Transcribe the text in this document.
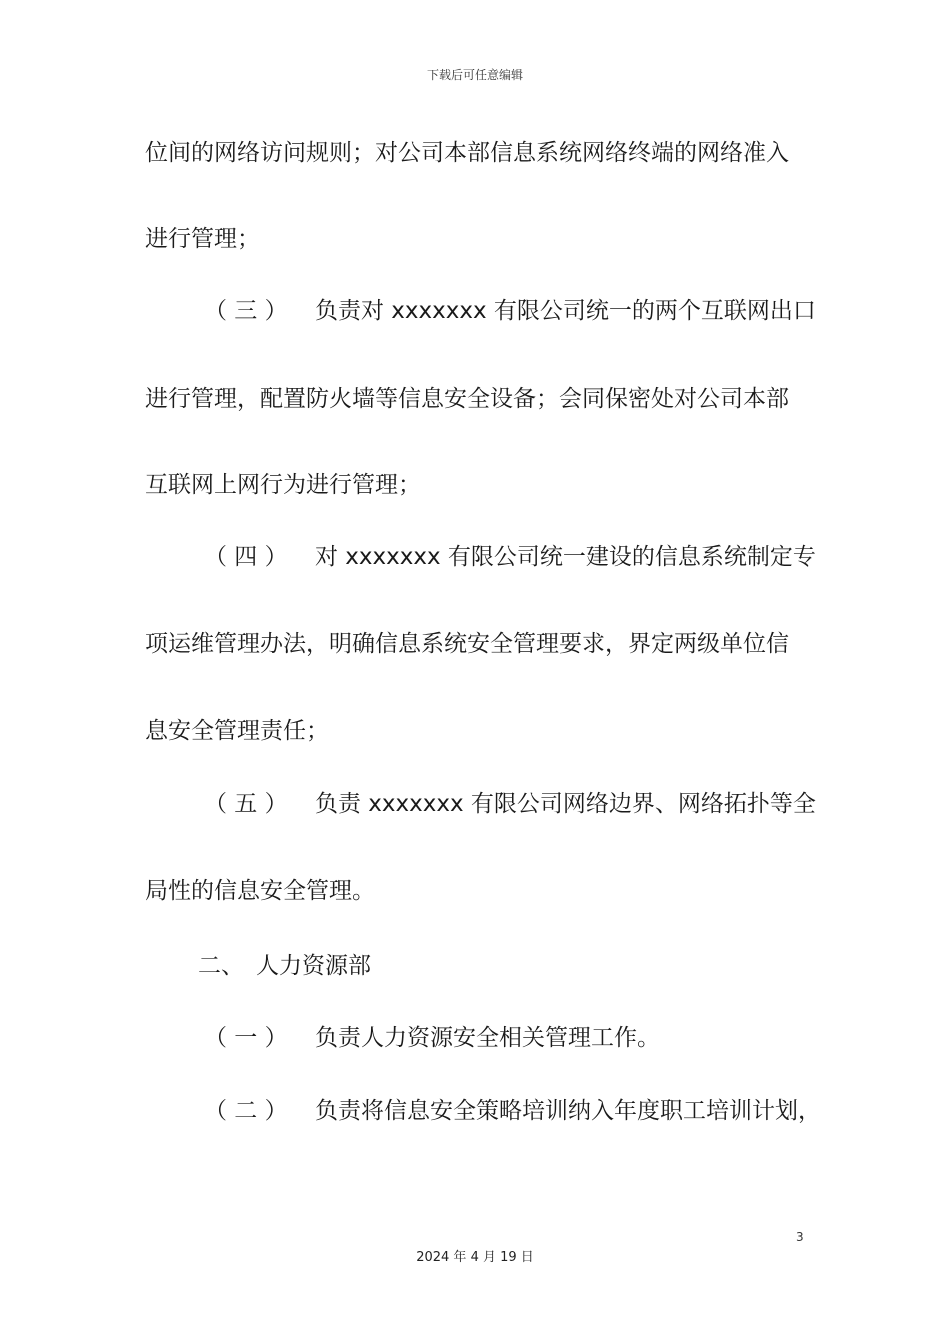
下载后可任意编辑
位间的网络访问规则；对公司本部信息系统网络终端的网络准入
进行管理；
（ 三 ） 负责对 xxxxxxx 有限公司统一的两个互联网出口
进行管理，配置防火墙等信息安全设备；会同保密处对公司本部
互联网上网行为进行管理；
（ 四 ） 对 xxxxxxx 有限公司统一建设的信息系统制定专
项运维管理办法，明确信息系统安全管理要求，界定两级单位信
息安全管理责任；
（ 五 ） 负责 xxxxxxx 有限公司网络边界、网络拓扑等全
局性的信息安全管理。
二、 人力资源部
（ 一 ） 负责人力资源安全相关管理工作。
（ 二 ） 负责将信息安全策略培训纳入年度职工培训计划，
3
2024 年 4 月 19 日
